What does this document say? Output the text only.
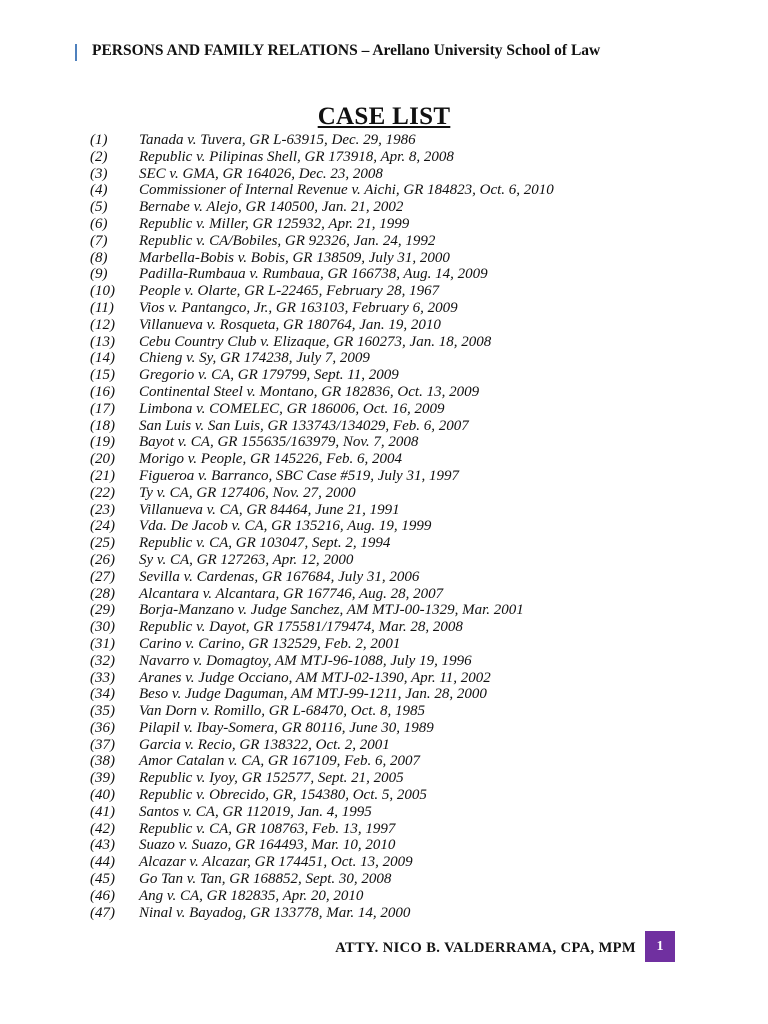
PERSONS AND FAMILY RELATIONS – Arellano University School of Law
CASE LIST
(1) Tanada v. Tuvera, GR L-63915, Dec. 29, 1986
(2) Republic v. Pilipinas Shell, GR 173918, Apr. 8, 2008
(3) SEC v. GMA, GR 164026, Dec. 23, 2008
(4) Commissioner of Internal Revenue v. Aichi, GR 184823, Oct. 6, 2010
(5) Bernabe v. Alejo, GR 140500, Jan. 21, 2002
(6) Republic v. Miller, GR 125932, Apr. 21, 1999
(7) Republic v. CA/Bobiles, GR 92326, Jan. 24, 1992
(8) Marbella-Bobis v. Bobis, GR 138509, July 31, 2000
(9) Padilla-Rumbaua v. Rumbaua, GR 166738, Aug. 14, 2009
(10) People v. Olarte, GR L-22465, February 28, 1967
(11) Vios v. Pantangco, Jr., GR 163103, February 6, 2009
(12) Villanueva v. Rosqueta, GR 180764, Jan. 19, 2010
(13) Cebu Country Club v. Elizaque, GR 160273, Jan. 18, 2008
(14) Chieng v. Sy, GR 174238, July 7, 2009
(15) Gregorio v. CA, GR 179799, Sept. 11, 2009
(16) Continental Steel v. Montano, GR 182836, Oct. 13, 2009
(17) Limbona v. COMELEC, GR 186006, Oct. 16, 2009
(18) San Luis v. San Luis, GR 133743/134029, Feb. 6, 2007
(19) Bayot v. CA, GR 155635/163979, Nov. 7, 2008
(20) Morigo v. People, GR 145226, Feb. 6, 2004
(21) Figueroa v. Barranco, SBC Case #519, July 31, 1997
(22) Ty v. CA, GR 127406, Nov. 27, 2000
(23) Villanueva v. CA, GR 84464, June 21, 1991
(24) Vda. De Jacob v. CA, GR 135216, Aug. 19, 1999
(25) Republic v. CA, GR 103047, Sept. 2, 1994
(26) Sy v. CA, GR 127263, Apr. 12, 2000
(27) Sevilla v. Cardenas, GR 167684, July 31, 2006
(28) Alcantara v. Alcantara, GR 167746, Aug. 28, 2007
(29) Borja-Manzano v. Judge Sanchez, AM MTJ-00-1329, Mar. 2001
(30) Republic v. Dayot, GR 175581/179474, Mar. 28, 2008
(31) Carino v. Carino, GR 132529, Feb. 2, 2001
(32) Navarro v. Domagtoy, AM MTJ-96-1088, July 19, 1996
(33) Aranes v. Judge Occiano, AM MTJ-02-1390, Apr. 11, 2002
(34) Beso v. Judge Daguman, AM MTJ-99-1211, Jan. 28, 2000
(35) Van Dorn v. Romillo, GR L-68470, Oct. 8, 1985
(36) Pilapil v. Ibay-Somera, GR 80116, June 30, 1989
(37) Garcia v. Recio, GR 138322, Oct. 2, 2001
(38) Amor Catalan v. CA, GR 167109, Feb. 6, 2007
(39) Republic v. Iyoy, GR 152577, Sept. 21, 2005
(40) Republic v. Obrecido, GR, 154380, Oct. 5, 2005
(41) Santos v. CA, GR 112019, Jan. 4, 1995
(42) Republic v. CA, GR 108763, Feb. 13, 1997
(43) Suazo v. Suazo, GR 164493, Mar. 10, 2010
(44) Alcazar v. Alcazar, GR 174451, Oct. 13, 2009
(45) Go Tan v. Tan, GR 168852, Sept. 30, 2008
(46) Ang v. CA, GR 182835, Apr. 20, 2010
(47) Ninal v. Bayadog, GR 133778, Mar. 14, 2000
ATTY. NICO B. VALDERRAMA, CPA, MPM	1
